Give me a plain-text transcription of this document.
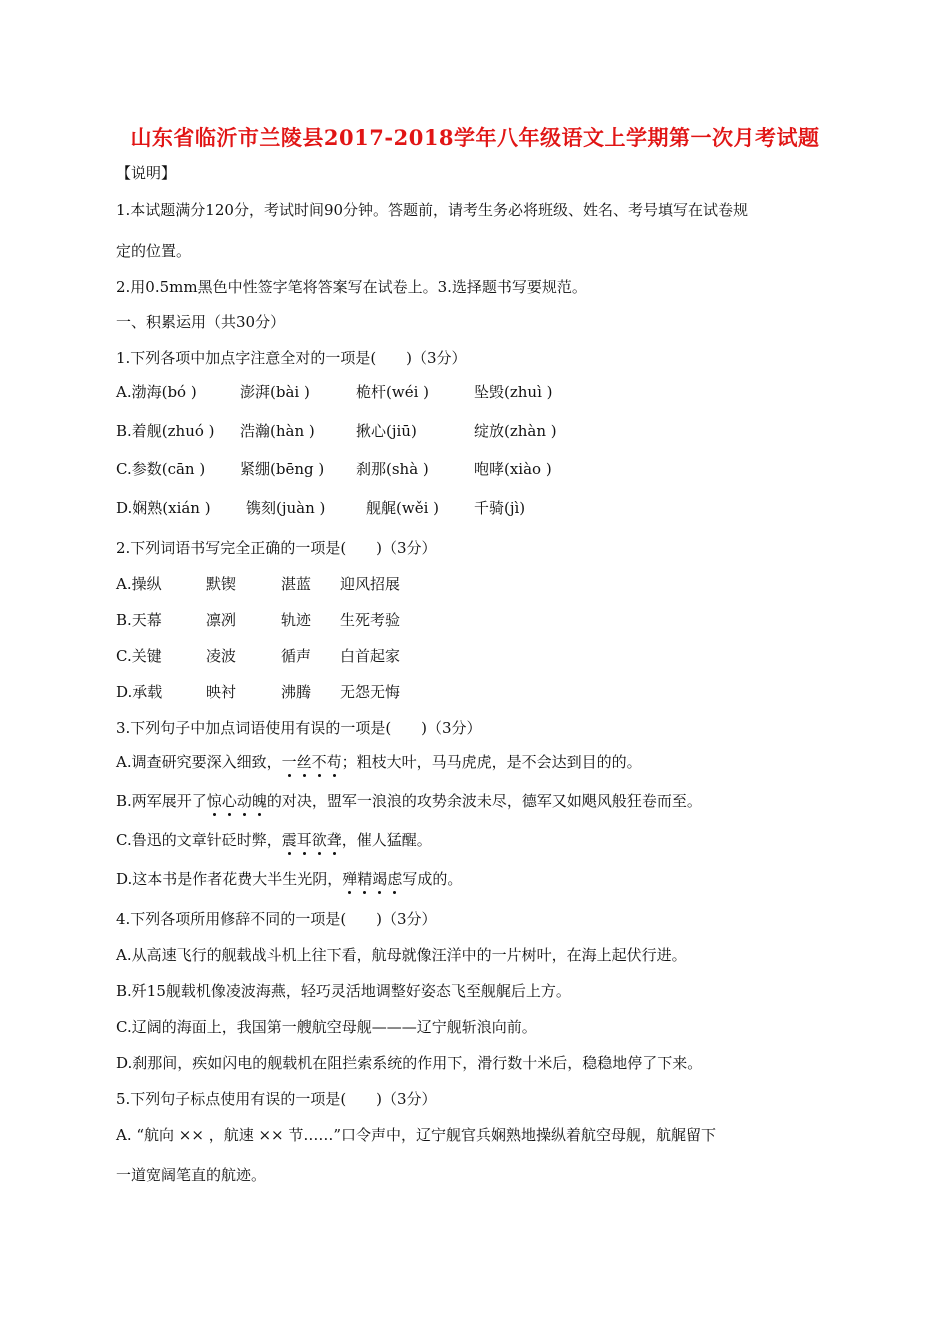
山东省临沂市兰陵县2017-2018学年八年级语文上学期第一次月考试题
【说明】
1.本试题满分120分，考试时间90分钟。答题前，请考生务必将班级、姓名、考号填写在试卷规
定的位置。
2.用0.5mm黑色中性签字笔将答案写在试卷上。3.选择题书写要规范。
一、积累运用（共30分）
1.下列各项中加点字注意全对的一项是(　　)（3分）
A.渤海(bó )	澎湃(bài )	桅杆(wéi )	坠毁(zhuì )
B.着舰(zhuó ) 浩瀚(hàn )	揪心(jiū)	绽放(zhàn )
C.参数(cān ) 紧绷(bēng ) 刹那(shà )	咆哮(xiào )
D.娴熟(xián ) 镌刻(juàn )	舰艉(wěi ) 千骑(jì)
2.下列词语书写完全正确的一项是(　　)（3分）
A.操纵	默锲	湛蓝 迎风招展
B.天幕	凛冽	轨迹 生死考验
C.关键	凌波	循声 白首起家
D.承载	映衬	沸腾 无怨无悔
3.下列句子中加点词语使用有误的一项是(　　)（3分）
A.调查研究要深入细致，一丝不苟；粗枝大叶，马马虎虎，是不会达到目的的。
B.两军展开了惊心动魄的对决，盟军一浪浪的攻势余波未尽，德军又如飓风般狂卷而至。
C.鲁迅的文章针砭时弊，震耳欲聋，催人猛醒。
D.这本书是作者花费大半生光阴，殚精竭虑写成的。
4.下列各项所用修辞不同的一项是(　　)（3分）
A.从高速飞行的舰载战斗机上往下看，航母就像汪洋中的一片树叶，在海上起伏行进。
B.歼15舰载机像凌波海燕，轻巧灵活地调整好姿态飞至舰艉后上方。
C.辽阔的海面上，我国第一艘航空母舰———辽宁舰斩浪向前。
D.刹那间，疾如闪电的舰载机在阻拦索系统的作用下，滑行数十米后，稳稳地停了下来。
5.下列句子标点使用有误的一项是(　　)（3分）
A. “航向 ×× ，航速 ×× 节……”口令声中，辽宁舰官兵娴熟地操纵着航空母舰，航艉留下
一道宽阔笔直的航迹。
